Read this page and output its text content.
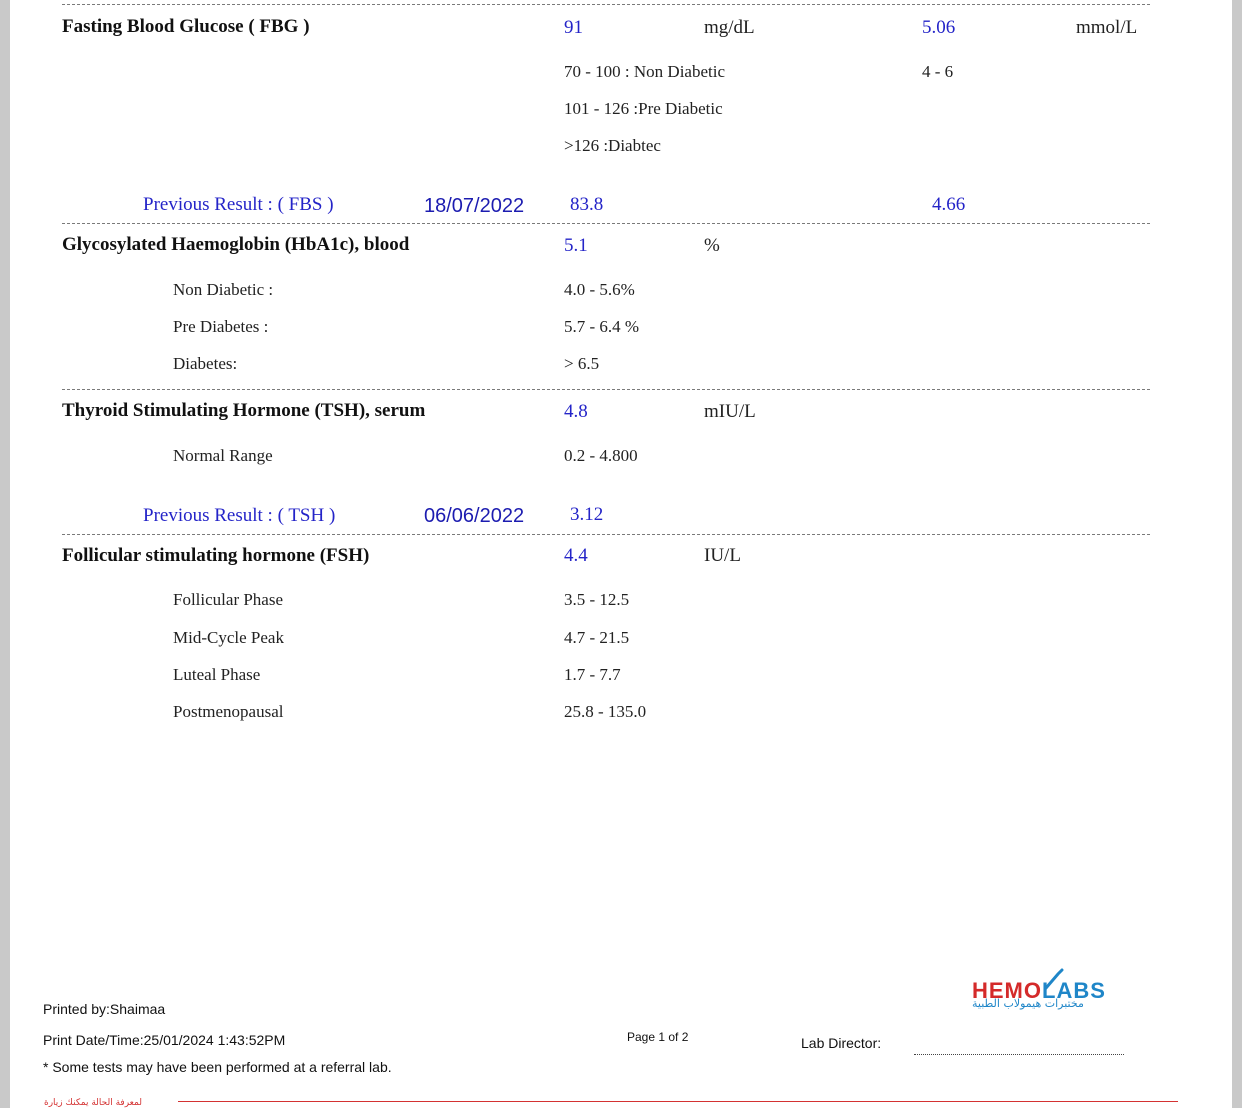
Fasting Blood Glucose ( FBG )	91	mg/dL	5.06	mmol/L
70 - 100 : Non Diabetic	4 - 6
101 - 126 :Pre Diabetic
>126 :Diabtec
Previous Result : ( FBS )	18/07/2022 83.8	4.66
Glycosylated Haemoglobin (HbA1c), blood	5.1	%
Non Diabetic :	4.0 - 5.6%
Pre Diabetes :	5.7 - 6.4 %
Diabetes:	> 6.5
Thyroid Stimulating Hormone (TSH), serum	4.8	mIU/L
Normal Range	0.2 - 4.800
Previous Result : ( TSH )	06/06/2022 3.12
Follicular stimulating hormone (FSH)	4.4	IU/L
Follicular Phase	3.5 - 12.5
Mid-Cycle Peak	4.7 - 21.5
Luteal Phase	1.7 - 7.7
Postmenopausal	25.8 - 135.0
HEMOLABS
مختبرات هيمولاب الطبية
Printed by:Shaimaa
Print Date/Time:25/01/2024 1:43:52PM	Page 1 of 2	Lab Director:
* Some tests may have been performed at a referral lab.
لمعرفة الحالة يمكنك زيارة
